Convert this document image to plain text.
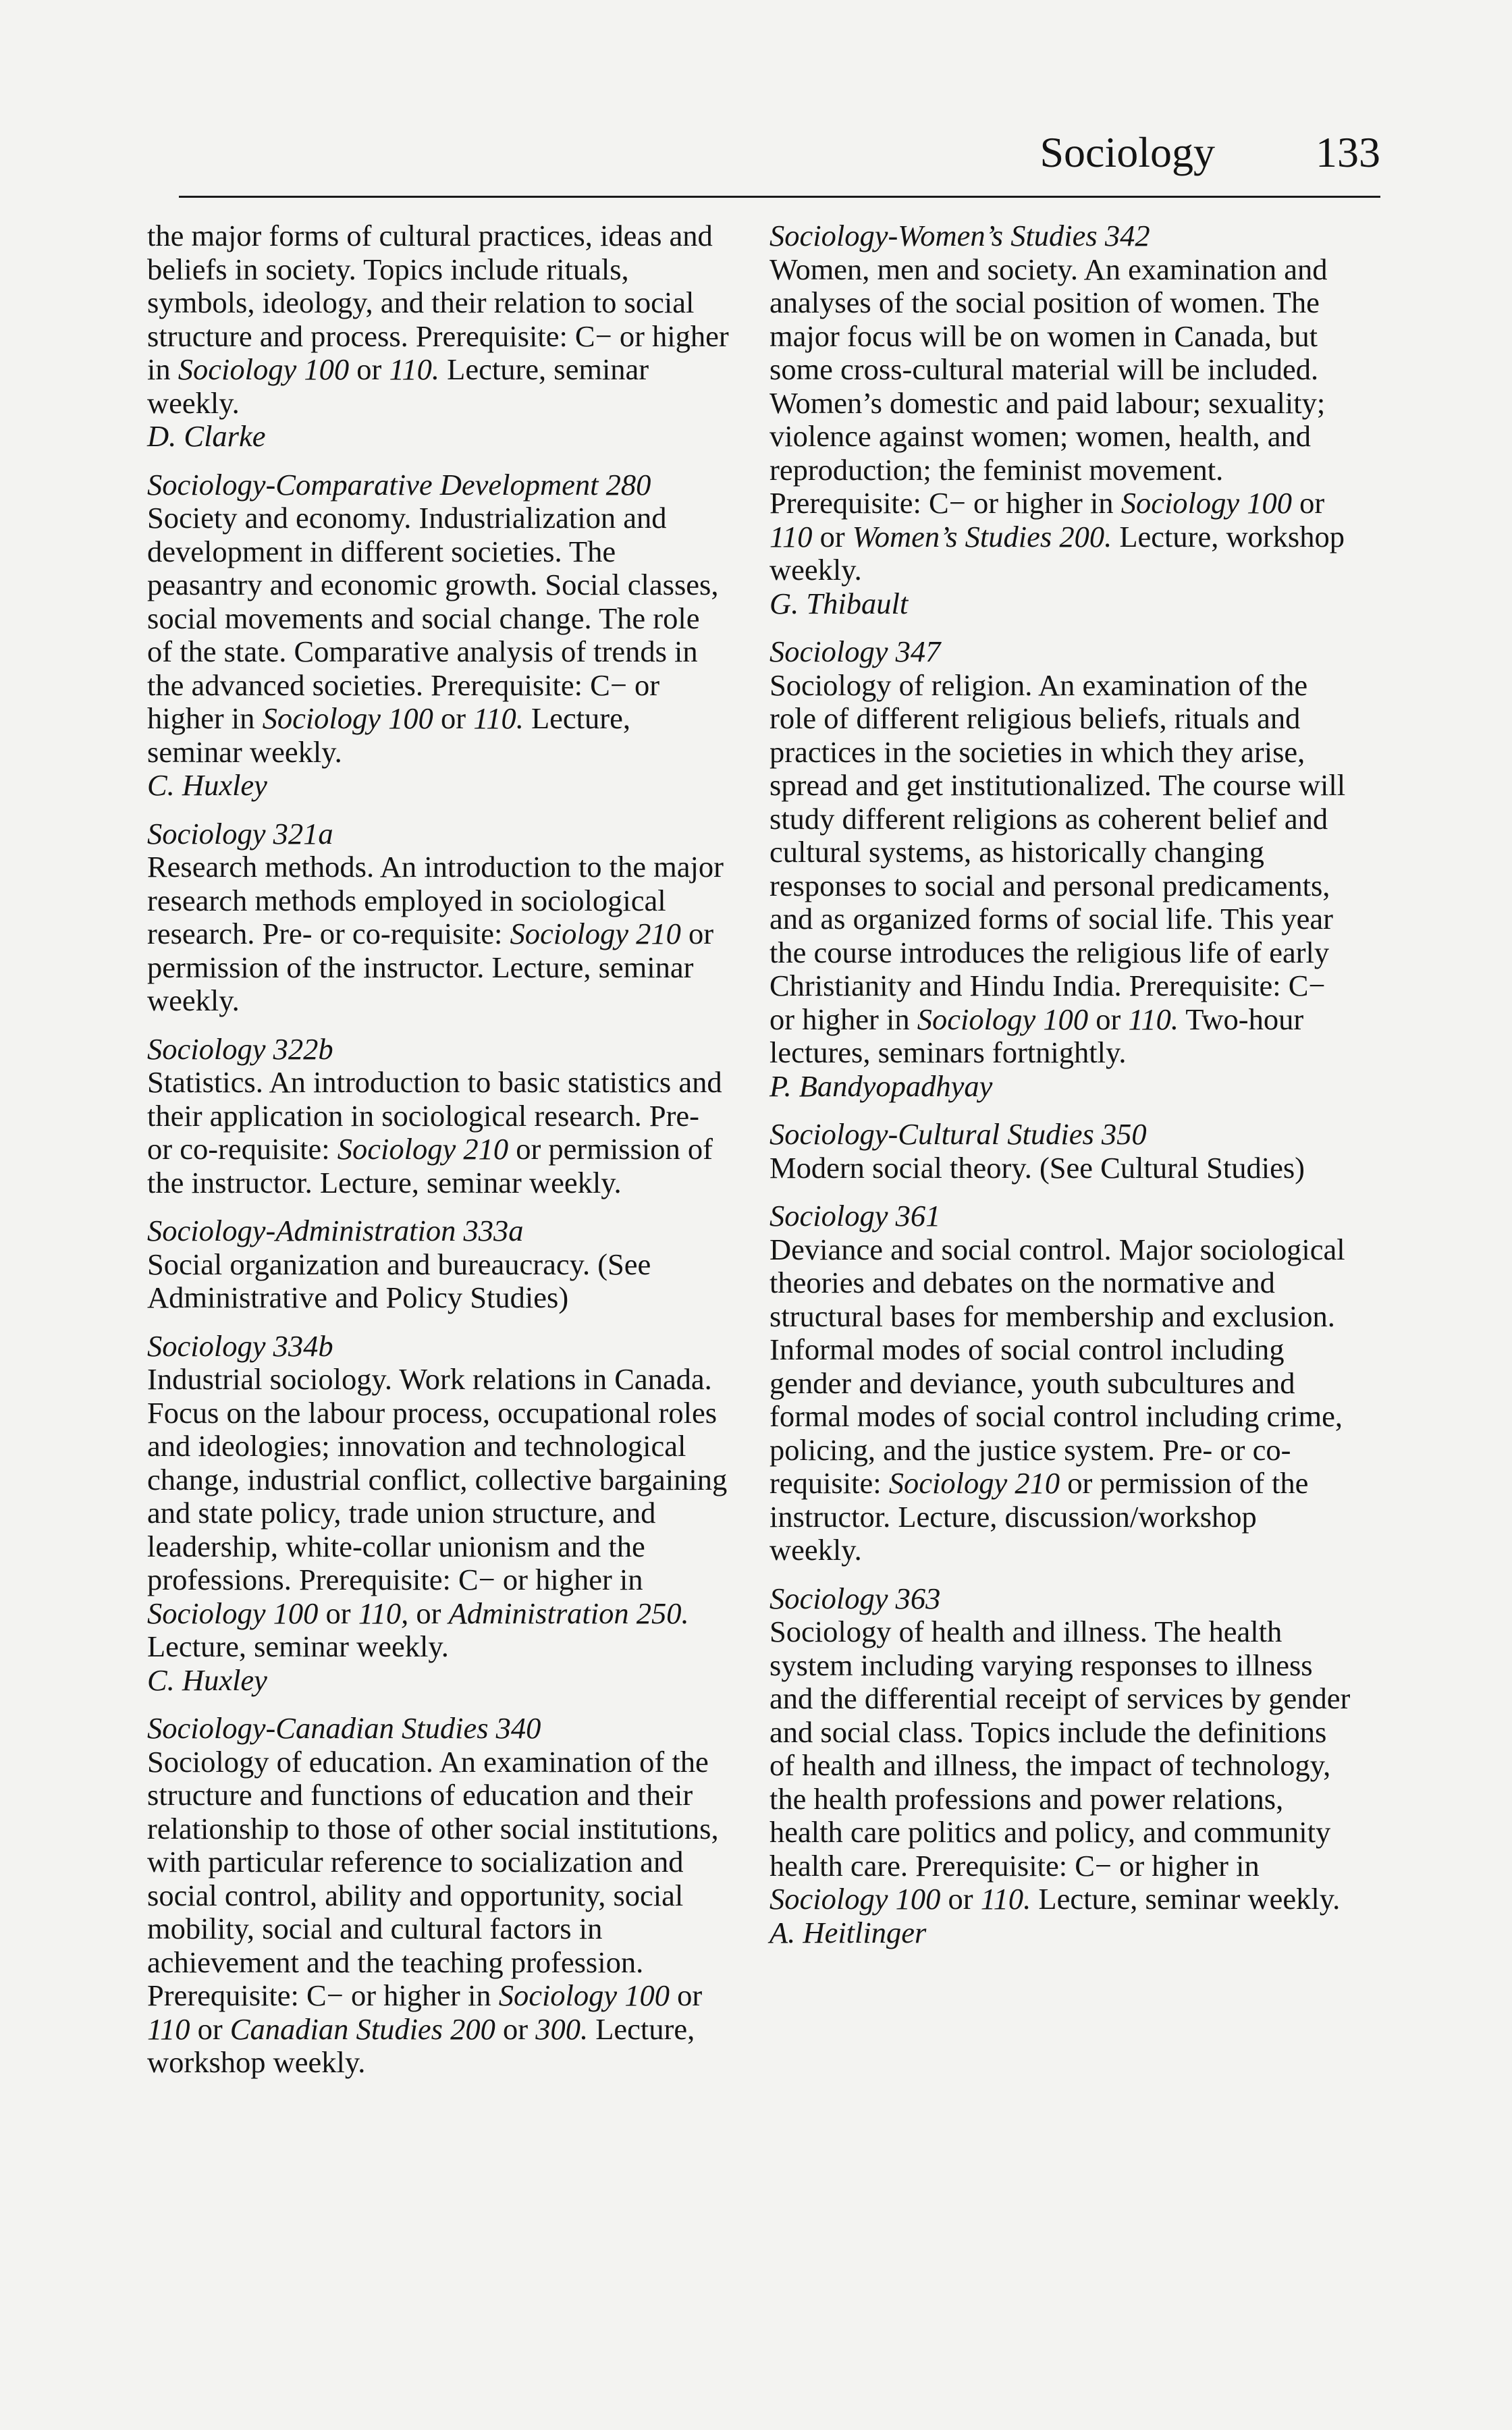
Sociology 133
the major forms of cultural practices, ideas and beliefs in society. Topics include rituals, symbols, ideology, and their relation to social structure and process. Prerequisite: C− or higher in Sociology 100 or 110. Lecture, seminar weekly.
D. Clarke
Sociology-Comparative Development 280
Society and economy. Industrialization and development in different societies. The peasantry and economic growth. Social classes, social movements and social change. The role of the state. Comparative analysis of trends in the advanced societies. Prerequisite: C− or higher in Sociology 100 or 110. Lecture, seminar weekly.
C. Huxley
Sociology 321a
Research methods. An introduction to the major research methods employed in sociological research. Pre- or co-requisite: Sociology 210 or permission of the instructor. Lecture, seminar weekly.
Sociology 322b
Statistics. An introduction to basic statistics and their application in sociological research. Pre- or co-requisite: Sociology 210 or permission of the instructor. Lecture, seminar weekly.
Sociology-Administration 333a
Social organization and bureaucracy. (See Administrative and Policy Studies)
Sociology 334b
Industrial sociology. Work relations in Canada. Focus on the labour process, occupational roles and ideologies; innovation and technological change, industrial conflict, collective bargaining and state policy, trade union structure, and leadership, white-collar unionism and the professions. Prerequisite: C− or higher in Sociology 100 or 110, or Administration 250. Lecture, seminar weekly.
C. Huxley
Sociology-Canadian Studies 340
Sociology of education. An examination of the structure and functions of education and their relationship to those of other social institutions, with particular reference to socialization and social control, ability and opportunity, social mobility, social and cultural factors in achievement and the teaching profession. Prerequisite: C− or higher in Sociology 100 or 110 or Canadian Studies 200 or 300. Lecture, workshop weekly.
Sociology-Women’s Studies 342
Women, men and society. An examination and analyses of the social position of women. The major focus will be on women in Canada, but some cross-cultural material will be included. Women’s domestic and paid labour; sexuality; violence against women; women, health, and reproduction; the feminist movement. Prerequisite: C− or higher in Sociology 100 or 110 or Women’s Studies 200. Lecture, workshop weekly.
G. Thibault
Sociology 347
Sociology of religion. An examination of the role of different religious beliefs, rituals and practices in the societies in which they arise, spread and get institutionalized. The course will study different religions as coherent belief and cultural systems, as historically changing responses to social and personal predicaments, and as organized forms of social life. This year the course introduces the religious life of early Christianity and Hindu India. Prerequisite: C− or higher in Sociology 100 or 110. Two-hour lectures, seminars fortnightly.
P. Bandyopadhyay
Sociology-Cultural Studies 350
Modern social theory. (See Cultural Studies)
Sociology 361
Deviance and social control. Major sociological theories and debates on the normative and structural bases for membership and exclusion. Informal modes of social control including gender and deviance, youth subcultures and formal modes of social control including crime, policing, and the justice system. Pre- or co-requisite: Sociology 210 or permission of the instructor. Lecture, discussion/workshop weekly.
Sociology 363
Sociology of health and illness. The health system including varying responses to illness and the differential receipt of services by gender and social class. Topics include the definitions of health and illness, the impact of technology, the health professions and power relations, health care politics and policy, and community health care. Prerequisite: C− or higher in Sociology 100 or 110. Lecture, seminar weekly.
A. Heitlinger
